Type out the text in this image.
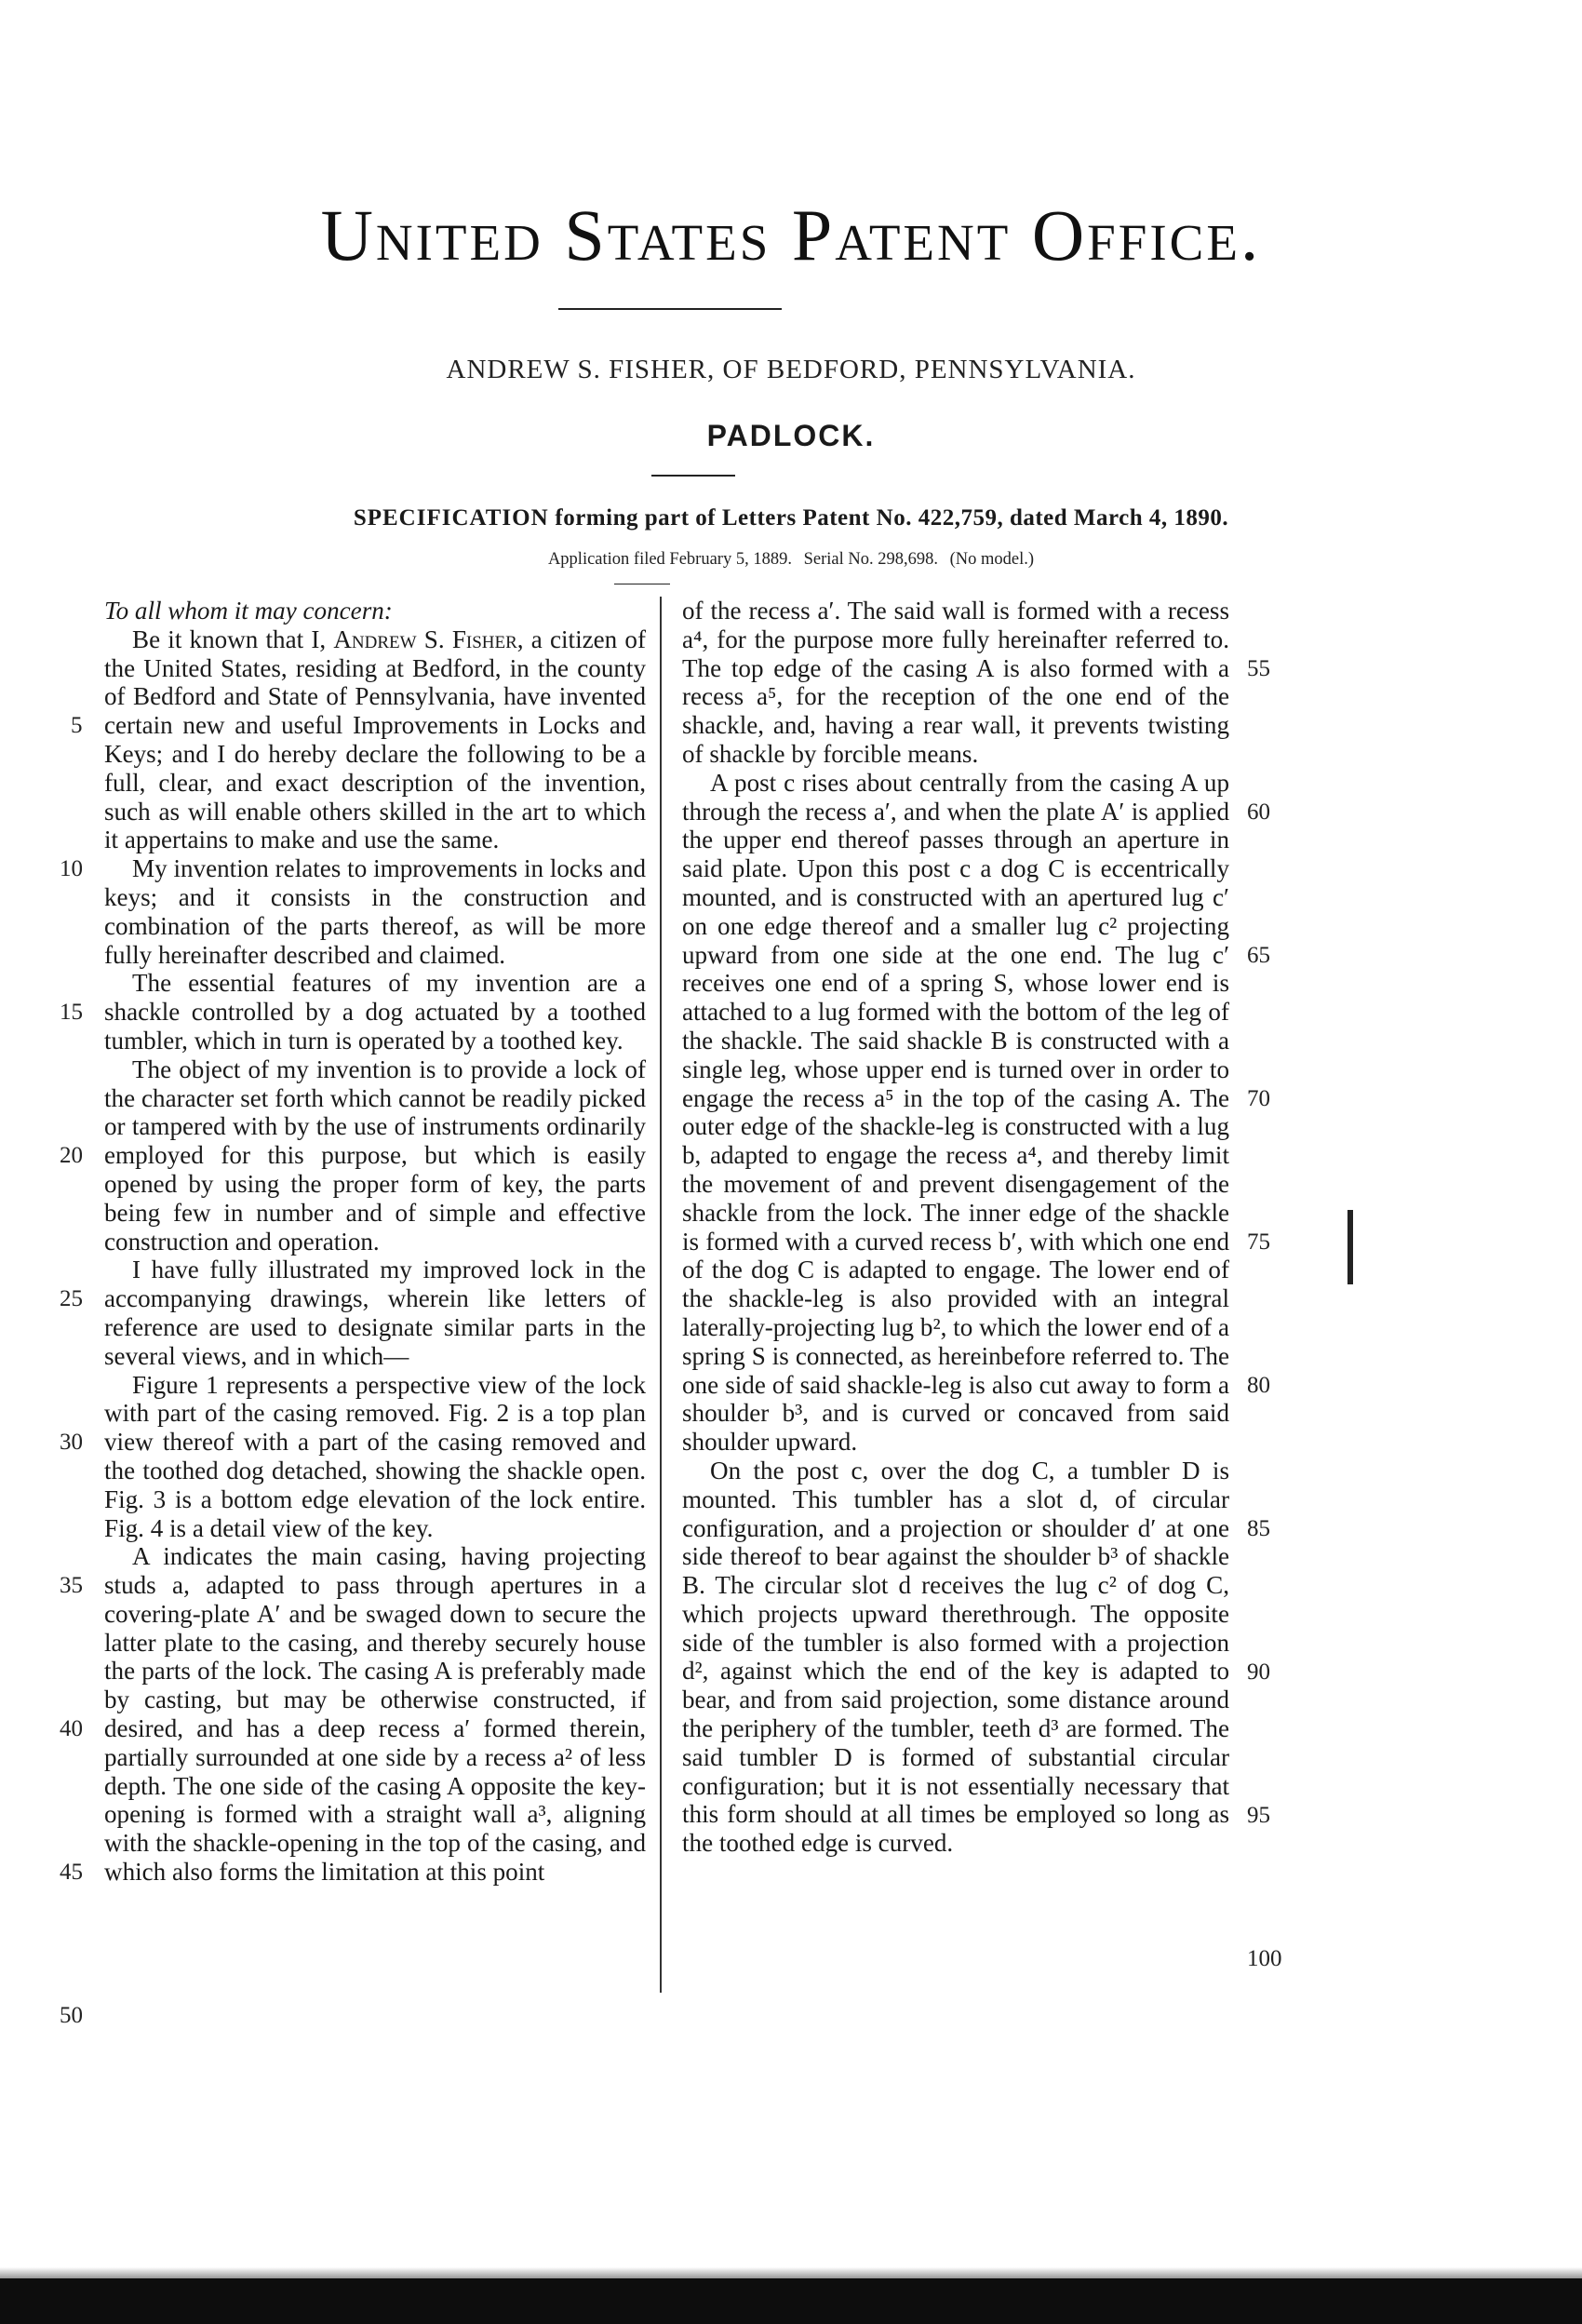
United States Patent Office.
ANDREW S. FISHER, OF BEDFORD, PENNSYLVANIA.
PADLOCK.
SPECIFICATION forming part of Letters Patent No. 422,759, dated March 4, 1890.
Application filed February 5, 1889. Serial No. 298,698. (No model.)

To all whom it may concern:

Be it known that I, Andrew S. Fisher, a citizen of the United States, residing at Bedford, in the county of Bedford and State of Pennsylvania, have invented certain new and useful Improvements in Locks and Keys; and I do hereby declare the following to be a full, clear, and exact description of the invention, such as will enable others skilled in the art to which it appertains to make and use the same.

My invention relates to improvements in locks and keys; and it consists in the construction and combination of the parts thereof, as will be more fully hereinafter described and claimed.

The essential features of my invention are a shackle controlled by a dog actuated by a toothed tumbler, which in turn is operated by a toothed key.

The object of my invention is to provide a lock of the character set forth which cannot be readily picked or tampered with by the use of instruments ordinarily employed for this purpose, but which is easily opened by using the proper form of key, the parts being few in number and of simple and effective construction and operation.

I have fully illustrated my improved lock in the accompanying drawings, wherein like letters of reference are used to designate similar parts in the several views, and in which—

Figure 1 represents a perspective view of the lock with part of the casing removed. Fig. 2 is a top plan view thereof with a part of the casing removed and the toothed dog detached, showing the shackle open. Fig. 3 is a bottom edge elevation of the lock entire. Fig. 4 is a detail view of the key.

A indicates the main casing, having projecting studs a, adapted to pass through apertures in a covering-plate A′ and be swaged down to secure the latter plate to the casing, and thereby securely house the parts of the lock. The casing A is preferably made by casting, but may be otherwise constructed, if desired, and has a deep recess a′ formed therein, partially surrounded at one side by a recess a² of less depth. The one side of the casing A opposite the key-opening is formed with a straight wall a³, aligning with the shackle-opening in the top of the casing, and which also forms the limitation at this point

of the recess a′. The said wall is formed with a recess a⁴, for the purpose more fully hereinafter referred to. The top edge of the casing A is also formed with a recess a⁵, for the reception of the one end of the shackle, and, having a rear wall, it prevents twisting of shackle by forcible means.

A post c rises about centrally from the casing A up through the recess a′, and when the plate A′ is applied the upper end thereof passes through an aperture in said plate. Upon this post c a dog C is eccentrically mounted, and is constructed with an apertured lug c′ on one edge thereof and a smaller lug c² projecting upward from one side at the one end. The lug c′ receives one end of a spring S, whose lower end is attached to a lug formed with the bottom of the leg of the shackle. The said shackle B is constructed with a single leg, whose upper end is turned over in order to engage the recess a⁵ in the top of the casing A. The outer edge of the shackle-leg is constructed with a lug b, adapted to engage the recess a⁴, and thereby limit the movement of and prevent disengagement of the shackle from the lock. The inner edge of the shackle is formed with a curved recess b′, with which one end of the dog C is adapted to engage. The lower end of the shackle-leg is also provided with an integral laterally-projecting lug b², to which the lower end of a spring S is connected, as hereinbefore referred to. The one side of said shackle-leg is also cut away to form a shoulder b³, and is curved or concaved from said shoulder upward.

On the post c, over the dog C, a tumbler D is mounted. This tumbler has a slot d, of circular configuration, and a projection or shoulder d′ at one side thereof to bear against the shoulder b³ of shackle B. The circular slot d receives the lug c² of dog C, which projects upward therethrough. The opposite side of the tumbler is also formed with a projection d², against which the end of the key is adapted to bear, and from said projection, some distance around the periphery of the tumbler, teeth d³ are formed. The said tumbler D is formed of substantial circular configuration; but it is not essentially necessary that this form should at all times be employed so long as the toothed edge is curved.

5
10
15
20
25
30
35
40
45
50
55
60
65
70
75
80
85
90
95
100
